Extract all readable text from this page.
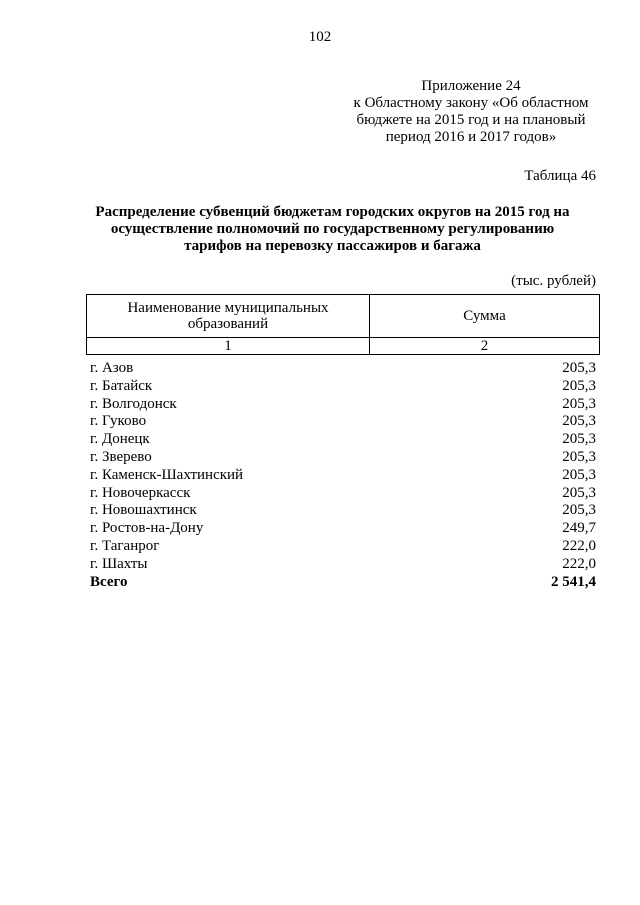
102
Приложение 24
к Областному закону «Об областном
бюджете на 2015 год и на плановый
период 2016 и 2017 годов»
Таблица 46
Распределение субвенций бюджетам городских округов на 2015 год на
осуществление полномочий по государственному регулированию
тарифов на перевозку пассажиров и багажа
(тыс. рублей)
Наименование муниципальных
образований	Сумма
1	2
г. Азов	205,3
г. Батайск	205,3
г. Волгодонск	205,3
г. Гуково	205,3
г. Донецк	205,3
г. Зверево	205,3
г. Каменск-Шахтинский	205,3
г. Новочеркасск	205,3
г. Новошахтинск	205,3
г. Ростов-на-Дону	249,7
г. Таганрог	222,0
г. Шахты	222,0
Всего	2 541,4
